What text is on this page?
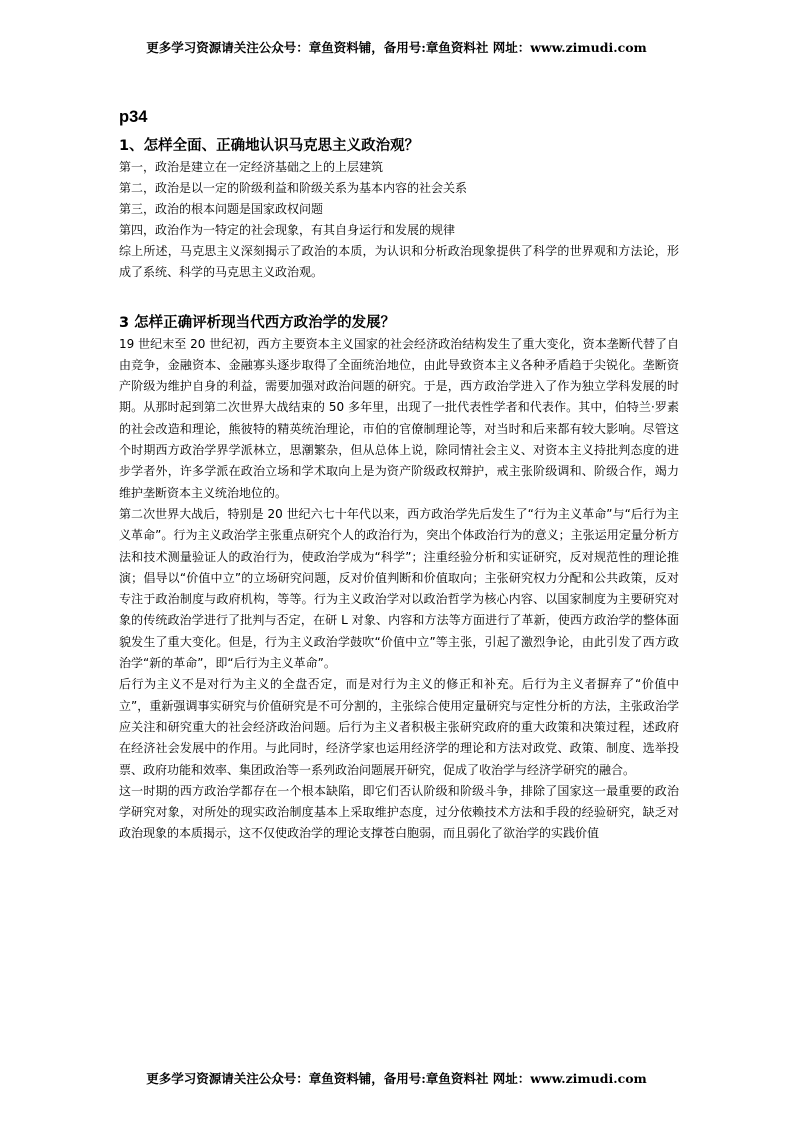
更多学习资源请关注公众号：章鱼资料铺，备用号:章鱼资料社 网址：www.zimudi.com
p34
1、怎样全面、正确地认识马克思主义政治观？
第一，政治是建立在一定经济基础之上的上层建筑
第二，政治是以一定的阶级利益和阶级关系为基本内容的社会关系
第三，政治的根本问题是国家政权问题
第四，政治作为一特定的社会现象，有其自身运行和发展的规律
综上所述，马克思主义深刻揭示了政治的本质，为认识和分析政治现象提供了科学的世界观和方法论，形成了系统、科学的马克思主义政治观。
3 怎样正确评析现当代西方政治学的发展？
19 世纪末至 20 世纪初，西方主要资本主义国家的社会经济政治结构发生了重大变化，资本垄断代替了自由竞争，金融资本、金融寡头逐步取得了全面统治地位，由此导致资本主义各种矛盾趋于尖锐化。垄断资产阶级为维护自身的利益，需要加强对政治问题的研究。于是，西方政治学进入了作为独立学科发展的时期。从那时起到第二次世界大战结束的 50 多年里，出现了一批代表性学者和代表作。其中，伯特兰·罗素的社会改造和理论，熊彼特的精英统治理论，市伯的官僚制理论等，对当时和后来都有较大影响。尽管这个时期西方政治学界学派林立，思潮繁杂，但从总体上说，除同情社会主义、对资本主义持批判态度的进步学者外，许多学派在政治立场和学术取向上是为资产阶级政权辩护，戒主张阶级调和、阶级合作，竭力维护垄断资本主义统治地位的。
第二次世界大战后，特别是 20 世纪六七十年代以来，西方政治学先后发生了“行为主义革命”与“后行为主义革命”。行为主义政治学主张重点研究个人的政治行为，突出个体政治行为的意义；主张运用定量分析方法和技术测量验证人的政治行为，使政治学成为“科学”；注重经验分析和实证研究，反对规范性的理论推演；倡导以“价值中立”的立场研究问题，反对价值判断和价值取向；主张研究权力分配和公共政策，反对专注于政治制度与政府机构，等等。行为主义政治学对以政治哲学为核心内容、以国家制度为主要研究对象的传统政治学进行了批判与否定，在研 L 对象、内容和方法等方面进行了革新，使西方政治学的整体面貌发生了重大变化。但是，行为主义政治学鼓吹“价值中立”等主张，引起了激烈争论，由此引发了西方政治学“新的革命”，即“后行为主义革命”。
后行为主义不是对行为主义的全盘否定，而是对行为主义的修正和补充。后行为主义者摒弃了“价值中立”，重新强调事实研究与价值研究是不可分割的，主张综合使用定量研究与定性分析的方法，主张政治学应关注和研究重大的社会经济政治问题。后行为主义者积极主张研究政府的重大政策和决策过程，述政府在经济社会发展中的作用。与此同时，经济学家也运用经济学的理论和方法对政党、政策、制度、选举投票、政府功能和效率、集团政治等一系列政治问题展开研究，促成了收治学与经济学研究的融合。
这一时期的西方政治学都存在一个根本缺陷，即它们否认阶级和阶级斗争，排除了国家这一最重要的政治学研究对象，对所处的现实政治制度基本上采取维护态度，过分依赖技术方法和手段的经验研究，缺乏对政治现象的本质揭示，这不仅使政治学的理论支撑苍白胞弱，而且弱化了欲治学的实践价值
更多学习资源请关注公众号：章鱼资料铺，备用号:章鱼资料社 网址：www.zimudi.com
